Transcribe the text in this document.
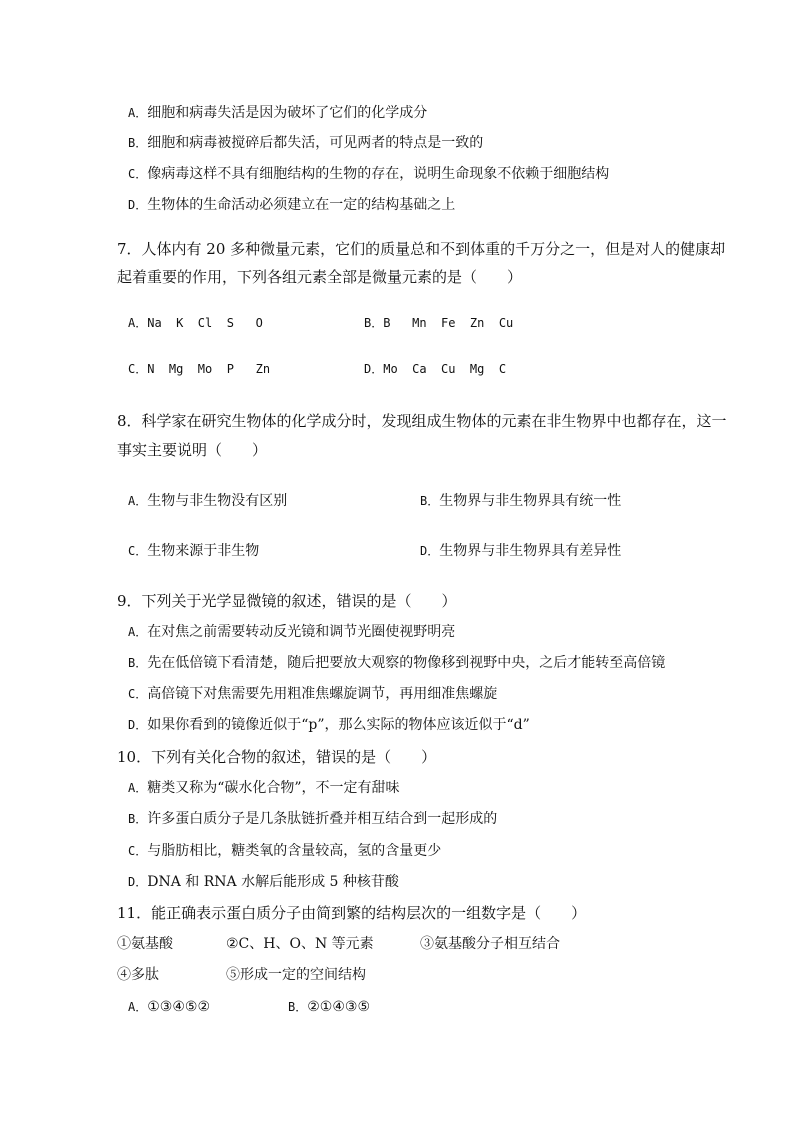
A．细胞和病毒失活是因为破坏了它们的化学成分
B．细胞和病毒被搅碎后都失活，可见两者的特点是一致的
C．像病毒这样不具有细胞结构的生物的存在，说明生命现象不依赖于细胞结构
D．生物体的生命活动必须建立在一定的结构基础之上
7．人体内有 20 多种微量元素，它们的质量总和不到体重的千万分之一，但是对人的健康却
起着重要的作用，下列各组元素全部是微量元素的是（　　）
A．Na  K  Cl  S   O	B．B   Mn  Fe  Zn  Cu
C．N  Mg  Mo  P   Zn	D．Mo  Ca  Cu  Mg  C
8．科学家在研究生物体的化学成分时，发现组成生物体的元素在非生物界中也都存在，这一
事实主要说明（　　）
A．生物与非生物没有区别	B．生物界与非生物界具有统一性
C．生物来源于非生物	D．生物界与非生物界具有差异性
9．下列关于光学显微镜的叙述，错误的是（　　）
A．在对焦之前需要转动反光镜和调节光圈使视野明亮
B．先在低倍镜下看清楚，随后把要放大观察的物像移到视野中央，之后才能转至高倍镜
C．高倍镜下对焦需要先用粗准焦螺旋调节，再用细准焦螺旋
D．如果你看到的镜像近似于“p”，那么实际的物体应该近似于“d”
10．下列有关化合物的叙述，错误的是（　　）
A．糖类又称为“碳水化合物”，不一定有甜味
B．许多蛋白质分子是几条肽链折叠并相互结合到一起形成的
C．与脂肪相比，糖类氧的含量较高，氢的含量更少
D．DNA 和 RNA 水解后能形成 5 种核苷酸
11．能正确表示蛋白质分子由简到繁的结构层次的一组数字是（　　）
①氨基酸	②C、H、O、N 等元素	③氨基酸分子相互结合
④多肽	⑤形成一定的空间结构
A．①③④⑤②	B．②①④③⑤
